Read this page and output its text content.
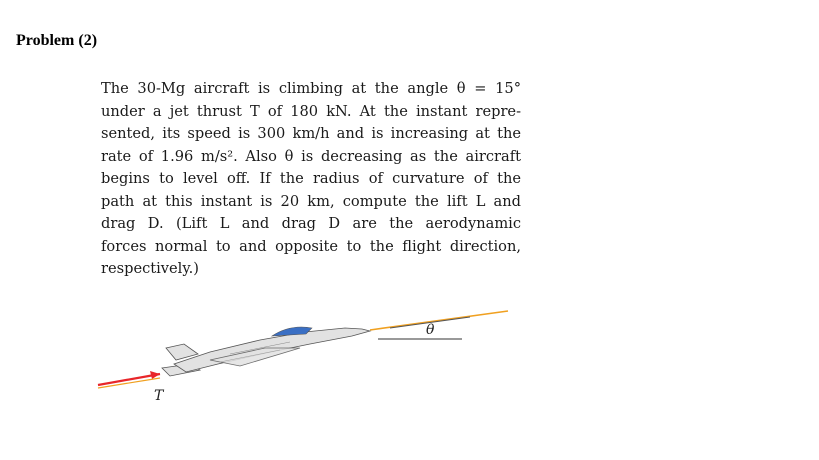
Problem (2)
The 30-Mg aircraft is climbing at the angle θ = 15°
under a jet thrust T of 180 kN. At the instant repre-
sented, its speed is 300 km/h and is increasing at the
rate of 1.96 m/s². Also θ is decreasing as the aircraft
begins to level off. If the radius of curvature of the
path at this instant is 20 km, compute the lift L and
drag D. (Lift L and drag D are the aerodynamic
forces normal to and opposite to the flight direction,
respectively.)
θ
T
